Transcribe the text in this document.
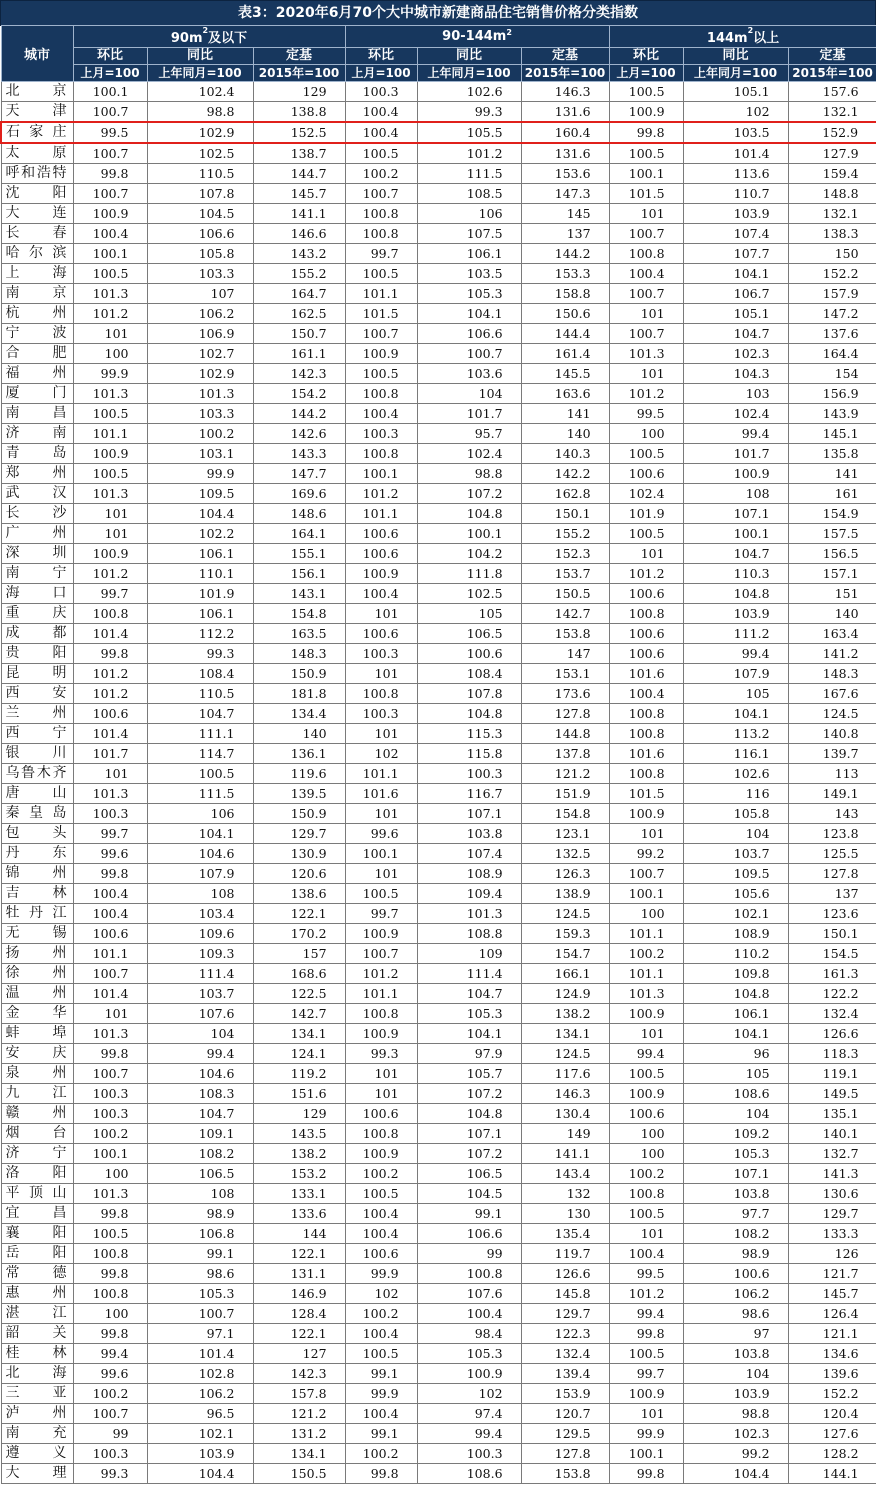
表3：2020年6月70个大中城市新建商品住宅销售价格分类指数
城市	$90m^2$及以下			$90-144m^2$			$144m^2$以上		
	环比	同比	定基	环比	同比	定基	环比	同比	定基
	上月=100	上年同月=100	2015年=100	上月=100	上年同月=100	2015年=100	上月=100	上年同月=100	2015年=100
北京	100.1	102.4	129	100.3	102.6	146.3	100.5	105.1	157.6
天津	100.7	98.8	138.8	100.4	99.3	131.6	100.9	102	132.1
石家庄	99.5	102.9	152.5	100.4	105.5	160.4	99.8	103.5	152.9
太原	100.7	102.5	138.7	100.5	101.2	131.6	100.5	101.4	127.9
呼和浩特	99.8	110.5	144.7	100.2	111.5	153.6	100.1	113.6	159.4
沈阳	100.7	107.8	145.7	100.7	108.5	147.3	101.5	110.7	148.8
大连	100.9	104.5	141.1	100.8	106	145	101	103.9	132.1
长春	100.4	106.6	146.6	100.8	107.5	137	100.7	107.4	138.3
哈尔滨	100.1	105.8	143.2	99.7	106.1	144.2	100.8	107.7	150
上海	100.5	103.3	155.2	100.5	103.5	153.3	100.4	104.1	152.2
南京	101.3	107	164.7	101.1	105.3	158.8	100.7	106.7	157.9
杭州	101.2	106.2	162.5	101.5	104.1	150.6	101	105.1	147.2
宁波	101	106.9	150.7	100.7	106.6	144.4	100.7	104.7	137.6
合肥	100	102.7	161.1	100.9	100.7	161.4	101.3	102.3	164.4
福州	99.9	102.9	142.3	100.5	103.6	145.5	101	104.3	154
厦门	101.3	101.3	154.2	100.8	104	163.6	101.2	103	156.9
南昌	100.5	103.3	144.2	100.4	101.7	141	99.5	102.4	143.9
济南	101.1	100.2	142.6	100.3	95.7	140	100	99.4	145.1
青岛	100.9	103.1	143.3	100.8	102.4	140.3	100.5	101.7	135.8
郑州	100.5	99.9	147.7	100.1	98.8	142.2	100.6	100.9	141
武汉	101.3	109.5	169.6	101.2	107.2	162.8	102.4	108	161
长沙	101	104.4	148.6	101.1	104.8	150.1	101.9	107.1	154.9
广州	101	102.2	164.1	100.6	100.1	155.2	100.5	100.1	157.5
深圳	100.9	106.1	155.1	100.6	104.2	152.3	101	104.7	156.5
南宁	101.2	110.1	156.1	100.9	111.8	153.7	101.2	110.3	157.1
海口	99.7	101.9	143.1	100.4	102.5	150.5	100.6	104.8	151
重庆	100.8	106.1	154.8	101	105	142.7	100.8	103.9	140
成都	101.4	112.2	163.5	100.6	106.5	153.8	100.6	111.2	163.4
贵阳	99.8	99.3	148.3	100.3	100.6	147	100.6	99.4	141.2
昆明	101.2	108.4	150.9	101	108.4	153.1	101.6	107.9	148.3
西安	101.2	110.5	181.8	100.8	107.8	173.6	100.4	105	167.6
兰州	100.6	104.7	134.4	100.3	104.8	127.8	100.8	104.1	124.5
西宁	101.4	111.1	140	101	115.3	144.8	100.8	113.2	140.8
银川	101.7	114.7	136.1	102	115.8	137.8	101.6	116.1	139.7
乌鲁木齐	101	100.5	119.6	101.1	100.3	121.2	100.8	102.6	113
唐山	101.3	111.5	139.5	101.6	116.7	151.9	101.5	116	149.1
秦皇岛	100.3	106	150.9	101	107.1	154.8	100.9	105.8	143
包头	99.7	104.1	129.7	99.6	103.8	123.1	101	104	123.8
丹东	99.6	104.6	130.9	100.1	107.4	132.5	99.2	103.7	125.5
锦州	99.8	107.9	120.6	101	108.9	126.3	100.7	109.5	127.8
吉林	100.4	108	138.6	100.5	109.4	138.9	100.1	105.6	137
牡丹江	100.4	103.4	122.1	99.7	101.3	124.5	100	102.1	123.6
无锡	100.6	109.6	170.2	100.9	108.8	159.3	101.1	108.9	150.1
扬州	101.1	109.3	157	100.7	109	154.7	100.2	110.2	154.5
徐州	100.7	111.4	168.6	101.2	111.4	166.1	101.1	109.8	161.3
温州	101.4	103.7	122.5	101.1	104.7	124.9	101.3	104.8	122.2
金华	101	107.6	142.7	100.8	105.3	138.2	100.9	106.1	132.4
蚌埠	101.3	104	134.1	100.9	104.1	134.1	101	104.1	126.6
安庆	99.8	99.4	124.1	99.3	97.9	124.5	99.4	96	118.3
泉州	100.7	104.6	119.2	101	105.7	117.6	100.5	105	119.1
九江	100.3	108.3	151.6	101	107.2	146.3	100.9	108.6	149.5
赣州	100.3	104.7	129	100.6	104.8	130.4	100.6	104	135.1
烟台	100.2	109.1	143.5	100.8	107.1	149	100	109.2	140.1
济宁	100.1	108.2	138.2	100.9	107.2	141.1	100	105.3	132.7
洛阳	100	106.5	153.2	100.2	106.5	143.4	100.2	107.1	141.3
平顶山	101.3	108	133.1	100.5	104.5	132	100.8	103.8	130.6
宜昌	99.8	98.9	133.6	100.4	99.1	130	100.5	97.7	129.7
襄阳	100.5	106.8	144	100.4	106.6	135.4	101	108.2	133.3
岳阳	100.8	99.1	122.1	100.6	99	119.7	100.4	98.9	126
常德	99.8	98.6	131.1	99.9	100.8	126.6	99.5	100.6	121.7
惠州	100.8	105.3	146.9	102	107.6	145.8	101.2	106.2	145.7
湛江	100	100.7	128.4	100.2	100.4	129.7	99.4	98.6	126.4
韶关	99.8	97.1	122.1	100.4	98.4	122.3	99.8	97	121.1
桂林	99.4	101.4	127	100.5	105.3	132.4	100.5	103.8	134.6
北海	99.6	102.8	142.3	99.1	100.9	139.4	99.7	104	139.6
三亚	100.2	106.2	157.8	99.9	102	153.9	100.9	103.9	152.2
泸州	100.7	96.5	121.2	100.4	97.4	120.7	101	98.8	120.4
南充	99	102.1	131.2	99.1	99.4	129.5	99.9	102.3	127.6
遵义	100.3	103.9	134.1	100.2	100.3	127.8	100.1	99.2	128.2
大理	99.3	104.4	150.5	99.8	108.6	153.8	99.8	104.4	144.1
